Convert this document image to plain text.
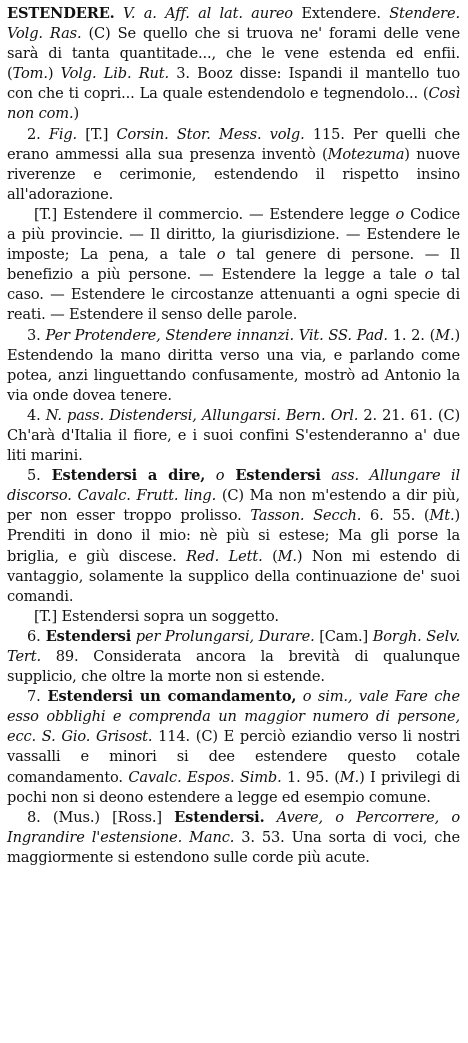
ESTENDERE. V. a. Aff. al lat. aureo Extendere. Stendere. Volg. Ras. (C) Se quello che si truova ne' forami delle vene sarà di tanta quantitade..., che le vene estenda ed enfii. (Tom.) Volg. Lib. Rut. 3. Booz disse: Ispandi il mantello tuo con che ti copri... La quale estendendolo e tegnendolo... (Così non com.)

2. Fig. [T.] Corsin. Stor. Mess. volg. 115. Per quelli che erano ammessi alla sua presenza inventò (Motezuma) nuove riverenze e cerimonie, estendendo il rispetto insino all'adorazione.

[T.] Estendere il commercio. — Estendere legge o Codice a più provincie. — Il diritto, la giurisdizione. — Estendere le imposte; La pena, a tale o tal genere di persone. — Il benefizio a più persone. — Estendere la legge a tale o tal caso. — Estendere le circostanze attenuanti a ogni specie di reati. — Estendere il senso delle parole.

3. Per Protendere, Stendere innanzi. Vit. SS. Pad. 1. 2. (M.) Estendendo la mano diritta verso una via, e parlando come potea, anzi linguettando confusamente, mostrò ad Antonio la via onde dovea tenere.

4. N. pass. Distendersi, Allungarsi. Bern. Orl. 2. 21. 61. (C) Ch'arà d'Italia il fiore, e i suoi confini S'estenderanno a' due liti marini.

5. Estendersi a dire, o Estendersi ass. Allungare il discorso. Cavalc. Frutt. ling. (C) Ma non m'estendo a dir più, per non esser troppo prolisso. Tasson. Secch. 6. 55. (Mt.) Prenditi in dono il mio: nè più si estese; Ma gli porse la briglia, e giù discese. Red. Lett. (M.) Non mi estendo di vantaggio, solamente la supplico della continuazione de' suoi comandi.

[T.] Estendersi sopra un soggetto.

6. Estendersi per Prolungarsi, Durare. [Cam.] Borgh. Selv. Tert. 89. Considerata ancora la brevità di qualunque supplicio, che oltre la morte non si estende.

7. Estendersi un comandamento, o sim., vale Fare che esso obblighi e comprenda un maggior numero di persone, ecc. S. Gio. Grisost. 114. (C) E perciò eziandio verso li nostri vassalli e minori si dee estendere questo cotale comandamento. Cavalc. Espos. Simb. 1. 95. (M.) I privilegi di pochi non si deono estendere a legge ed esempio comune.

8. (Mus.) [Ross.] Estendersi. Avere, o Percorrere, o Ingrandire l'estensione. Manc. 3. 53. Una sorta di voci, che maggiormente si estendono sulle corde più acute.
